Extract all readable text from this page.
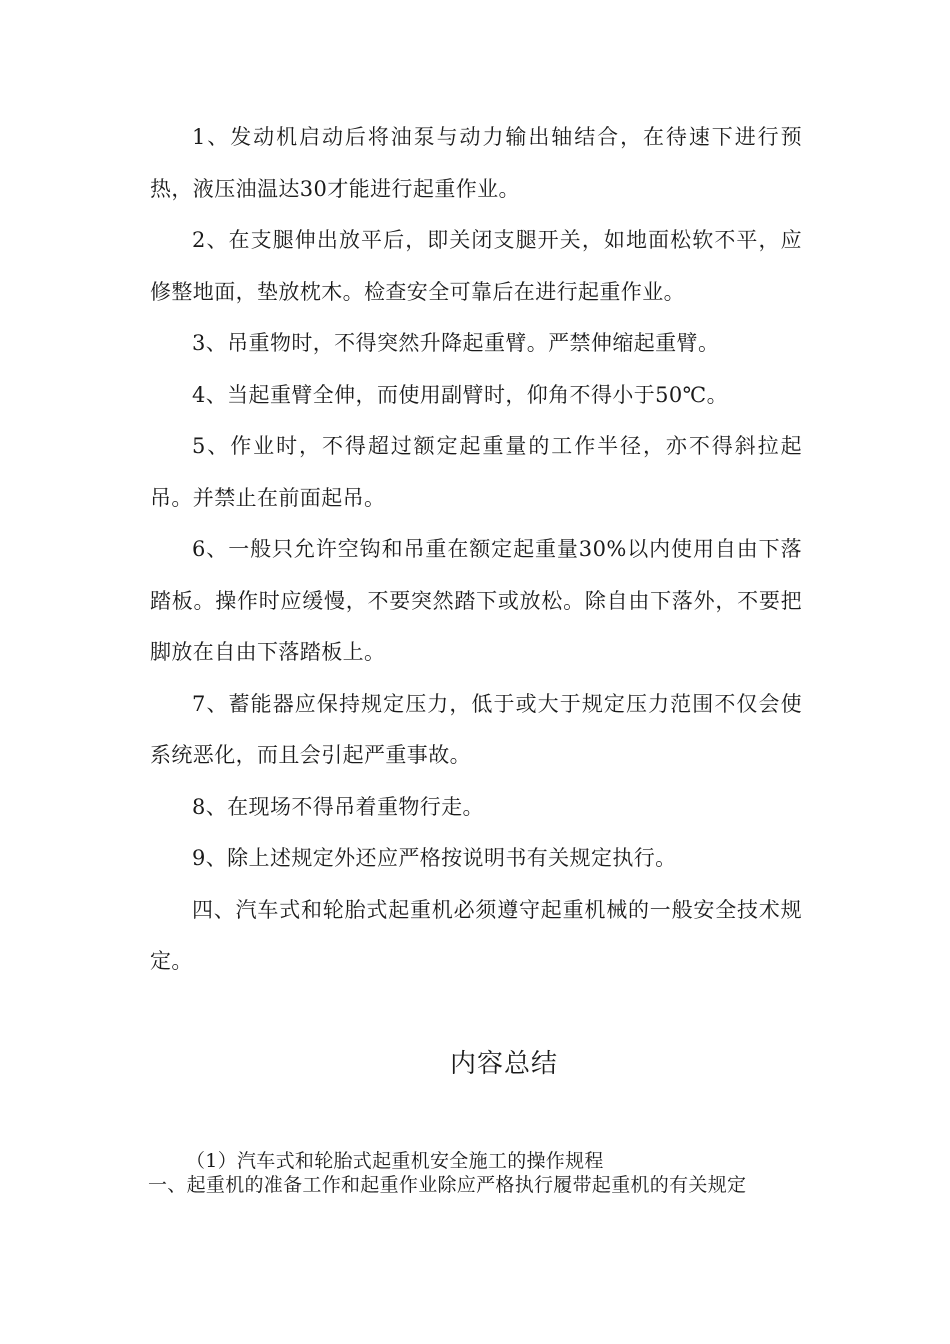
1、发动机启动后将油泵与动力输出轴结合，在待速下进行预热，液压油温达30才能进行起重作业。

2、在支腿伸出放平后，即关闭支腿开关，如地面松软不平，应修整地面，垫放枕木。检查安全可靠后在进行起重作业。

3、吊重物时，不得突然升降起重臂。严禁伸缩起重臂。

4、当起重臂全伸，而使用副臂时，仰角不得小于50℃。

5、作业时，不得超过额定起重量的工作半径，亦不得斜拉起吊。并禁止在前面起吊。

6、一般只允许空钩和吊重在额定起重量30%以内使用自由下落踏板。操作时应缓慢，不要突然踏下或放松。除自由下落外，不要把脚放在自由下落踏板上。

7、蓄能器应保持规定压力，低于或大于规定压力范围不仅会使系统恶化，而且会引起严重事故。

8、在现场不得吊着重物行走。

9、除上述规定外还应严格按说明书有关规定执行。

四、汽车式和轮胎式起重机必须遵守起重机械的一般安全技术规定。

内容总结
（1）汽车式和轮胎式起重机安全施工的操作规程
一、起重机的准备工作和起重作业除应严格执行履带起重机的有关规定
